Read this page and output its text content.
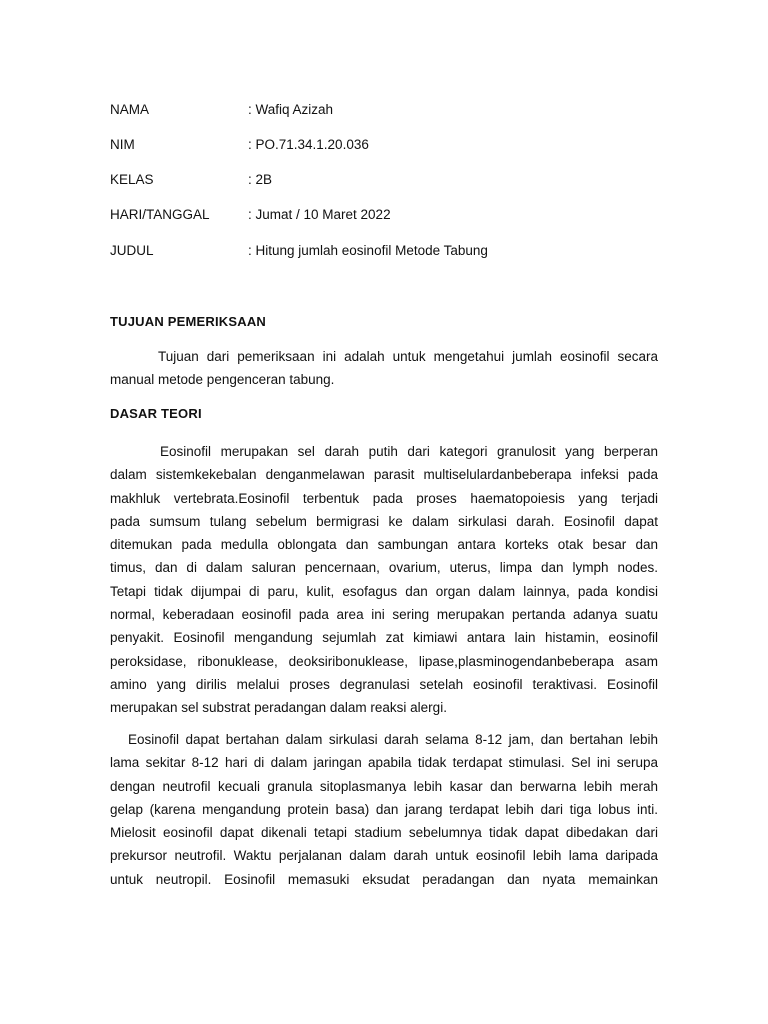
NAMA	: Wafiq Azizah
NIM	: PO.71.34.1.20.036
KELAS	: 2B
HARI/TANGGAL	: Jumat / 10 Maret 2022
JUDUL	: Hitung jumlah eosinofil Metode Tabung
TUJUAN PEMERIKSAAN
Tujuan dari pemeriksaan ini adalah untuk mengetahui jumlah eosinofil secara
manual metode pengenceran tabung.
DASAR TEORI
Eosinofil merupakan sel darah putih dari kategori granulosit yang berperan
dalam sistemkekebalan denganmelawan parasit multiselulardanbeberapa infeksi pada
makhluk vertebrata.Eosinofil terbentuk pada proses haematopoiesis yang terjadi
pada sumsum tulang sebelum bermigrasi ke dalam sirkulasi darah. Eosinofil dapat
ditemukan pada medulla oblongata dan sambungan antara korteks otak besar dan
timus, dan di dalam saluran pencernaan, ovarium, uterus, limpa dan lymph nodes.
Tetapi tidak dijumpai di paru, kulit, esofagus dan organ dalam lainnya, pada kondisi
normal, keberadaan eosinofil pada area ini sering merupakan pertanda adanya suatu
penyakit. Eosinofil mengandung sejumlah zat kimiawi antara lain histamin, eosinofil
peroksidase, ribonuklease, deoksiribonuklease, lipase,plasminogendanbeberapa asam
amino yang dirilis melalui proses degranulasi setelah eosinofil teraktivasi. Eosinofil
merupakan sel substrat peradangan dalam reaksi alergi.
Eosinofil dapat bertahan dalam sirkulasi darah selama 8-12 jam, dan bertahan lebih
lama sekitar 8-12 hari di dalam jaringan apabila tidak terdapat stimulasi. Sel ini serupa
dengan neutrofil kecuali granula sitoplasmanya lebih kasar dan berwarna lebih merah
gelap (karena mengandung protein basa) dan jarang terdapat lebih dari tiga lobus inti.
Mielosit eosinofil dapat dikenali tetapi stadium sebelumnya tidak dapat dibedakan dari
prekursor neutrofil. Waktu perjalanan dalam darah untuk eosinofil lebih lama daripada
untuk neutropil. Eosinofil memasuki eksudat peradangan dan nyata memainkan
